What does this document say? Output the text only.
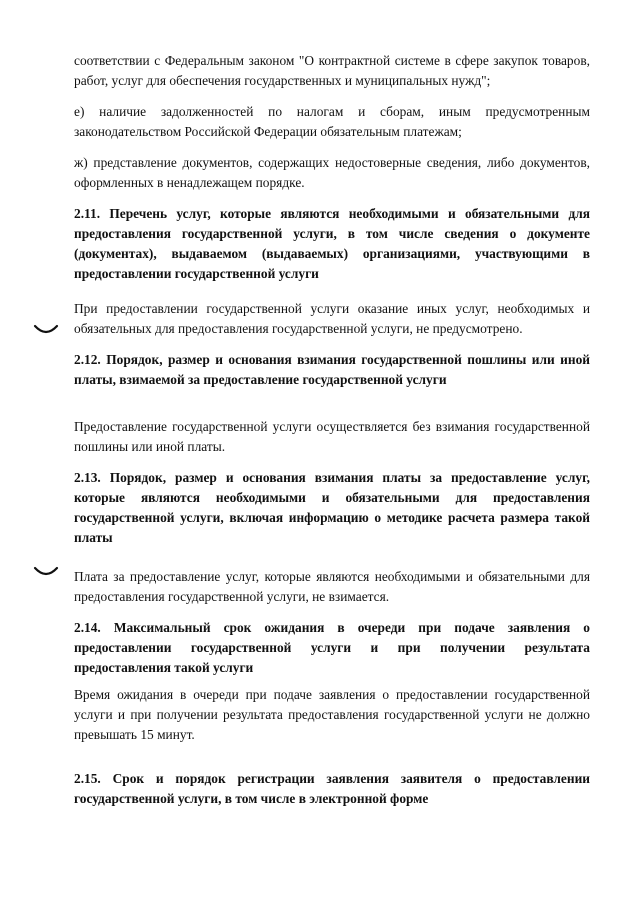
соответствии с Федеральным законом "О контрактной системе в сфере закупок товаров, работ, услуг для обеспечения государственных и муниципальных нужд";

е) наличие задолженностей по налогам и сборам, иным предусмотренным законодательством Российской Федерации обязательным платежам;

ж) представление документов, содержащих недостоверные сведения, либо документов, оформленных в ненадлежащем порядке.

2.11. Перечень услуг, которые являются необходимыми и обязательными для предоставления государственной услуги, в том числе сведения о документе (документах), выдаваемом (выдаваемых) организациями, участвующими в предоставлении государственной услуги

При предоставлении государственной услуги оказание иных услуг, необходимых и обязательных для предоставления государственной услуги, не предусмотрено.

2.12. Порядок, размер и основания взимания государственной пошлины или иной платы, взимаемой за предоставление государственной услуги

Предоставление государственной услуги осуществляется без взимания государственной пошлины или иной платы.

2.13. Порядок, размер и основания взимания платы за предоставление услуг, которые являются необходимыми и обязательными для предоставления государственной услуги, включая информацию о методике расчета размера такой платы

Плата за предоставление услуг, которые являются необходимыми и обязательными для предоставления государственной услуги, не взимается.

2.14. Максимальный срок ожидания в очереди при подаче заявления о предоставлении государственной услуги и при получении результата предоставления такой услуги

Время ожидания в очереди при подаче заявления о предоставлении государственной услуги и при получении результата предоставления государственной услуги не должно превышать 15 минут.

2.15. Срок и порядок регистрации заявления заявителя о предоставлении государственной услуги, в том числе в электронной форме
